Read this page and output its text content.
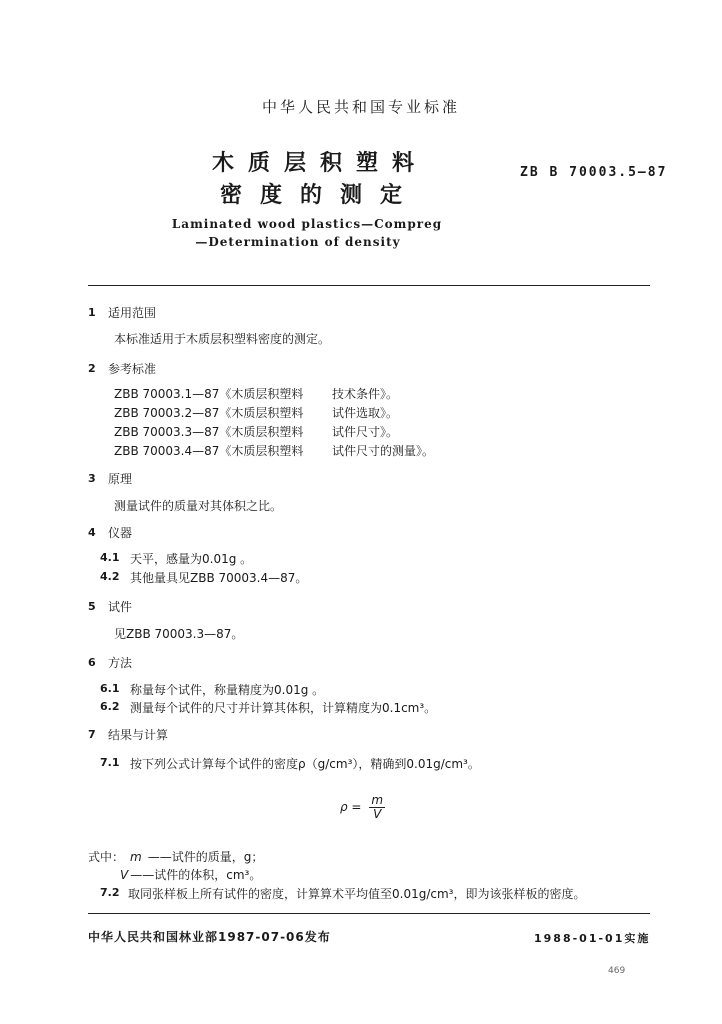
中华人民共和国专业标准
木质层积塑料
密度的测定
ZB B 70003.5—87
Laminated wood plastics—Compreg
—Determination of density
1 适用范围
本标准适用于木质层积塑料密度的测定。
2 参考标准
ZBB 70003.1—87《木质层积塑料 技术条件》。
ZBB 70003.2—87《木质层积塑料 试件选取》。
ZBB 70003.3—87《木质层积塑料 试件尺寸》。
ZBB 70003.4—87《木质层积塑料 试件尺寸的测量》。
3 原理
测量试件的质量对其体积之比。
4 仪器
4.1 天平，感量为0.01g 。
4.2 其他量具见ZBB 70003.4—87。
5 试件
见ZBB 70003.3—87。
6 方法
6.1 称量每个试件，称量精度为0.01g 。
6.2 测量每个试件的尺寸并计算其体积，计算精度为0.1cm³。
7 结果与计算
7.1 按下列公式计算每个试件的密度ρ（g/cm³），精确到0.01g/cm³。
$\rho = \frac{m}{V}$
式中： m ——试件的质量，g；
V ——试件的体积，cm³。
7.2 取同张样板上所有试件的密度，计算算术平均值至0.01g/cm³，即为该张样板的密度。
中华人民共和国林业部1987-07-06发布	1988-01-01实施
469
